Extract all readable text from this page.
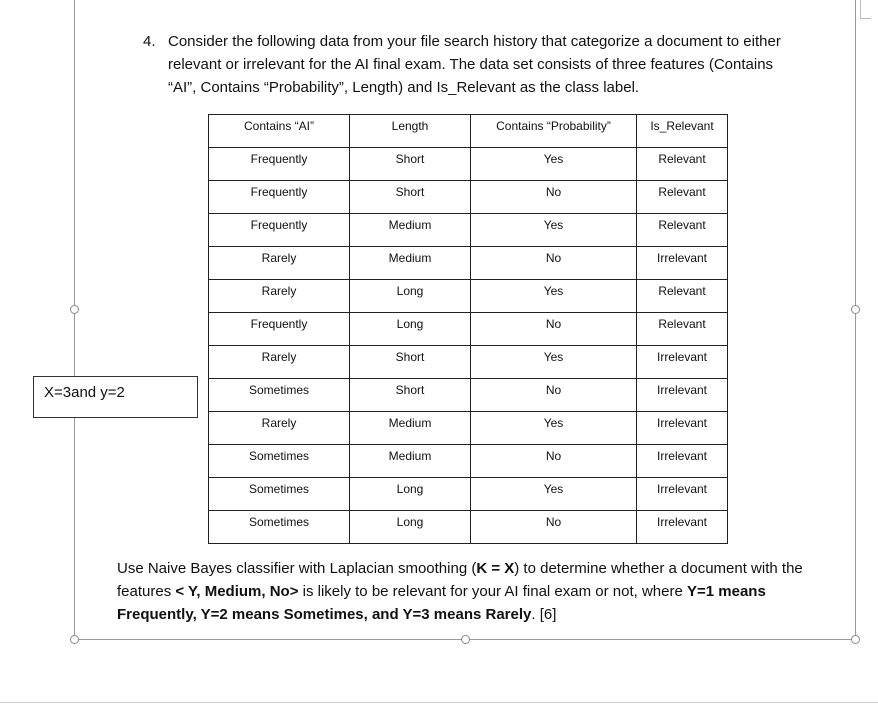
4. Consider the following data from your file search history that categorize a document to either relevant or irrelevant for the AI final exam. The data set consists of three features (Contains “AI”, Contains “Probability”, Length) and Is_Relevant as the class label.
Contains “AI”	Length	Contains “Probability”	Is_Relevant
Frequently	Short	Yes	Relevant
Frequently	Short	No	Relevant
Frequently	Medium	Yes	Relevant
Rarely	Medium	No	Irrelevant
Rarely	Long	Yes	Relevant
Frequently	Long	No	Relevant
Rarely	Short	Yes	Irrelevant
Sometimes	Short	No	Irrelevant
Rarely	Medium	Yes	Irrelevant
Sometimes	Medium	No	Irrelevant
Sometimes	Long	Yes	Irrelevant
Sometimes	Long	No	Irrelevant
Use Naive Bayes classifier with Laplacian smoothing (K = X) to determine whether a document with the features < Y, Medium, No> is likely to be relevant for your AI final exam or not, where Y=1 means Frequently, Y=2 means Sometimes, and Y=3 means Rarely. [6]
X=3and y=2
